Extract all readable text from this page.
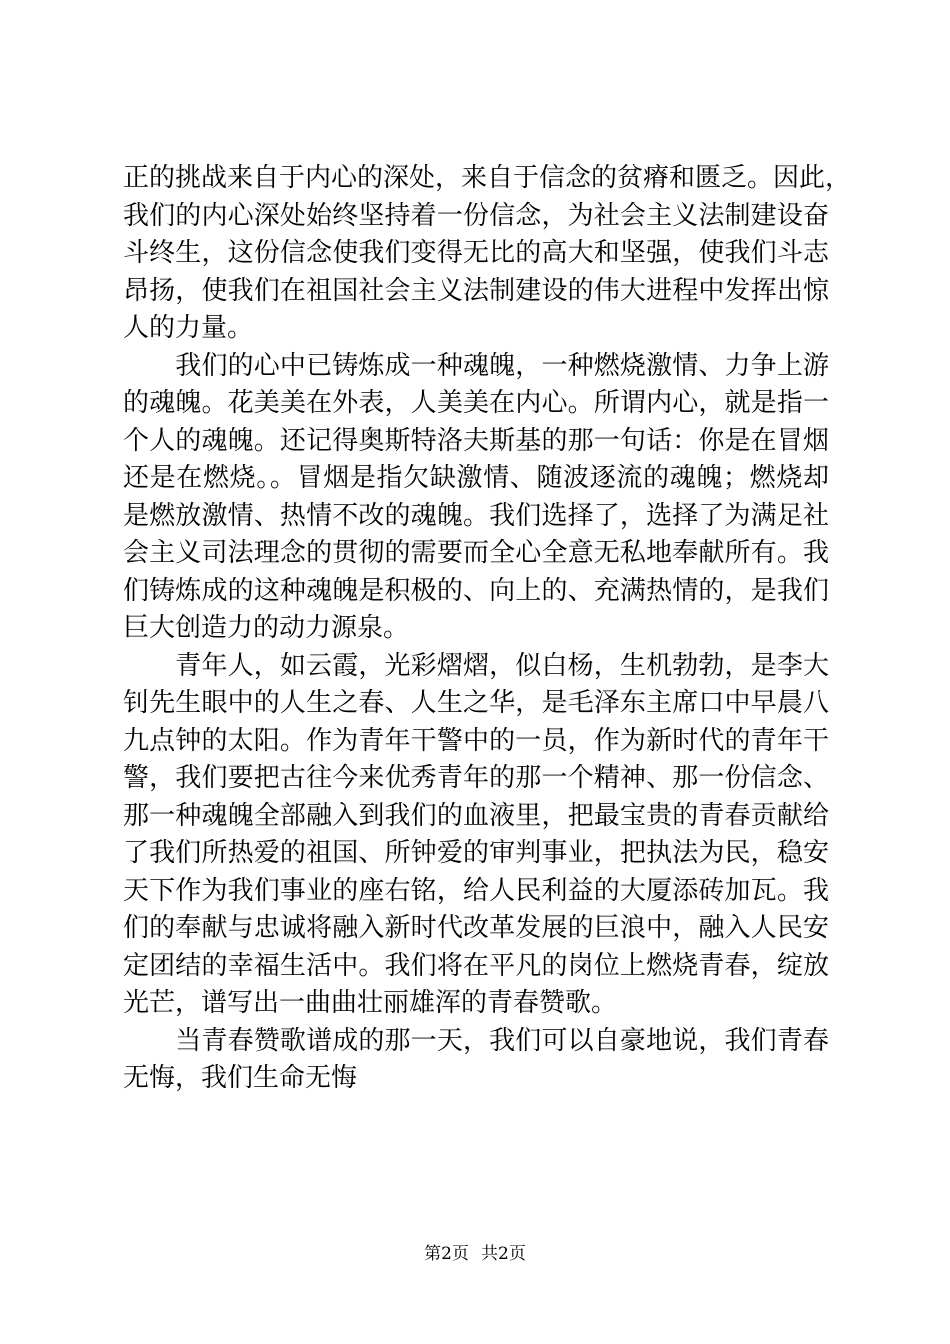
正的挑战来自于内心的深处，来自于信念的贫瘠和匮乏。因此，
我们的内心深处始终坚持着一份信念，为社会主义法制建设奋
斗终生，这份信念使我们变得无比的高大和坚强，使我们斗志
昂扬，使我们在祖国社会主义法制建设的伟大进程中发挥出惊
人的力量。
　　我们的心中已铸炼成一种魂魄，一种燃烧激情、力争上游
的魂魄。花美美在外表，人美美在内心。所谓内心，就是指一
个人的魂魄。还记得奥斯特洛夫斯基的那一句话：你是在冒烟
还是在燃烧。。冒烟是指欠缺激情、随波逐流的魂魄；燃烧却
是燃放激情、热情不改的魂魄。我们选择了，选择了为满足社
会主义司法理念的贯彻的需要而全心全意无私地奉献所有。我
们铸炼成的这种魂魄是积极的、向上的、充满热情的，是我们
巨大创造力的动力源泉。
　　青年人，如云霞，光彩熠熠，似白杨，生机勃勃，是李大
钊先生眼中的人生之春、人生之华，是毛泽东主席口中早晨八
九点钟的太阳。作为青年干警中的一员，作为新时代的青年干
警，我们要把古往今来优秀青年的那一个精神、那一份信念、
那一种魂魄全部融入到我们的血液里，把最宝贵的青春贡献给
了我们所热爱的祖国、所钟爱的审判事业，把执法为民，稳安
天下作为我们事业的座右铭，给人民利益的大厦添砖加瓦。我
们的奉献与忠诚将融入新时代改革发展的巨浪中，融入人民安
定团结的幸福生活中。我们将在平凡的岗位上燃烧青春，绽放
光芒，谱写出一曲曲壮丽雄浑的青春赞歌。
　　当青春赞歌谱成的那一天，我们可以自豪地说，我们青春
无悔，我们生命无悔
第2页 共2页
